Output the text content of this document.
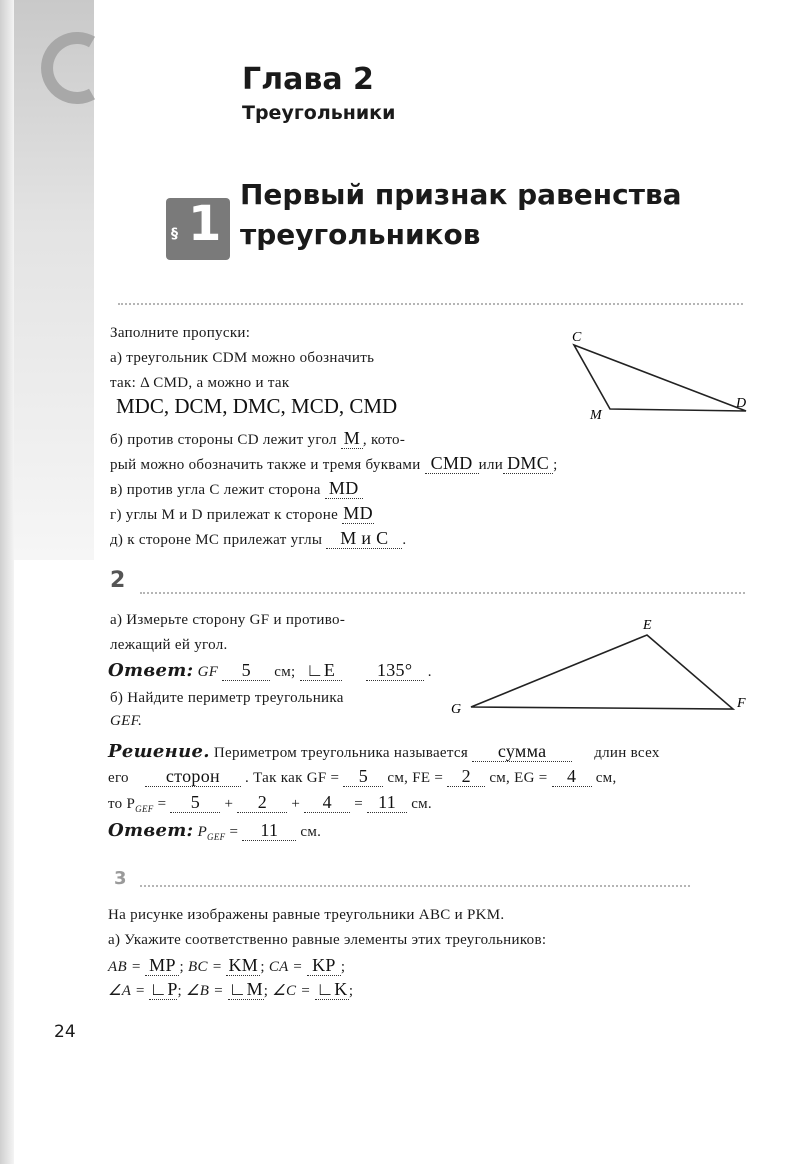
Глава 2
Треугольники
§ 1
Первый признак равенства
треугольников
Заполните пропуски:
а) треугольник CDM можно обозначить
так: Δ CMD, а можно и так
MDC, DCM, DMC, MCD, CMD
б) против стороны CD лежит угол M , кото-
рый можно обозначить также и тремя буквами CMD или DMC ;
в) против угла С лежит сторона MD
г) углы M и D прилежат к стороне MD
д) к стороне MC прилежат углы M и С .
C
D
M
2
а) Измерьте сторону GF и противо-
лежащий ей угол.
Ответ: GF 5 см; ∟E 135° .
б) Найдите периметр треугольника
GEF.
E
F
G
Решение. Периметром треугольника называется сумма	длин всех
его сторон . Так как GF = 5 см, FE = 2 см, EG = 4 см,
то $P_{GEF} = 5 + 2 + 4 = 11$ см.
Ответ: $P_{GEF} = 11$ см.
3
На рисунке изображены равные треугольники ABC и PKM.
а) Укажите соответственно равные элементы этих треугольников:
AB = MP ; BC = KM ; CA = KP ;
∠A = ∟P; ∠B = ∟M; ∠C = ∟K;
24
